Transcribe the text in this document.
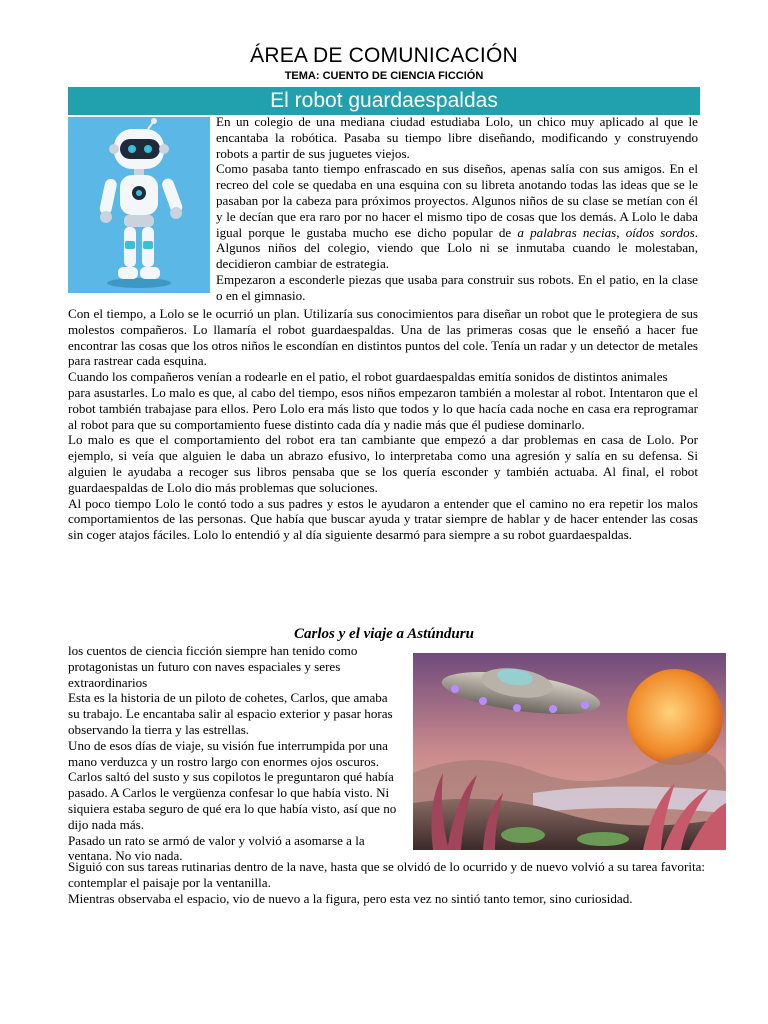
ÁREA DE COMUNICACIÓN
TEMA: CUENTO DE CIENCIA FICCIÓN
El robot guardaespaldas

En un colegio de una mediana ciudad estudiaba Lolo, un chico muy aplicado al que le encantaba la robótica. Pasaba su tiempo libre diseñando, modificando y construyendo robots a partir de sus juguetes viejos.

Como pasaba tanto tiempo enfrascado en sus diseños, apenas salía con sus amigos. En el recreo del cole se quedaba en una esquina con su libreta anotando todas las ideas que se le pasaban por la cabeza para próximos proyectos. Algunos niños de su clase se metían con él y le decían que era raro por no hacer el mismo tipo de cosas que los demás. A Lolo le daba igual porque le gustaba mucho ese dicho popular de a palabras necias, oídos sordos. Algunos niños del colegio, viendo que Lolo ni se inmutaba cuando le molestaban, decidieron cambiar de estrategia.

Empezaron a esconderle piezas que usaba para construir sus robots. En el patio, en la clase o en el gimnasio.

Con el tiempo, a Lolo se le ocurrió un plan. Utilizaría sus conocimientos para diseñar un robot que le protegiera de sus molestos compañeros. Lo llamaría el robot guardaespaldas. Una de las primeras cosas que le enseñó a hacer fue encontrar las cosas que los otros niños le escondían en distintos puntos del cole. Tenía un radar y un detector de metales para rastrear cada esquina.

Cuando los compañeros venían a rodearle en el patio, el robot guardaespaldas emitía sonidos de distintos animales

para asustarles. Lo malo es que, al cabo del tiempo, esos niños empezaron también a molestar al robot. Intentaron que el robot también trabajase para ellos. Pero Lolo era más listo que todos y lo que hacía cada noche en casa era reprogramar al robot para que su comportamiento fuese distinto cada día y nadie más que él pudiese dominarlo.

Lo malo es que el comportamiento del robot era tan cambiante que empezó a dar problemas en casa de Lolo. Por ejemplo, si veía que alguien le daba un abrazo efusivo, lo interpretaba como una agresión y salía en su defensa. Si alguien le ayudaba a recoger sus libros pensaba que se los quería esconder y también actuaba. Al final, el robot guardaespaldas de Lolo dio más problemas que soluciones.

Al poco tiempo Lolo le contó todo a sus padres y estos le ayudaron a entender que el camino no era repetir los malos comportamientos de las personas. Que había que buscar ayuda y tratar siempre de hablar y de hacer entender las cosas sin coger atajos fáciles. Lolo lo entendió y al día siguiente desarmó para siempre a su robot guardaespaldas.

Carlos y el viaje a Astúnduru

los cuentos de ciencia ficción siempre han tenido como protagonistas un futuro con naves espaciales y seres extraordinarios

Esta es la historia de un piloto de cohetes, Carlos, que amaba su trabajo. Le encantaba salir al espacio exterior y pasar horas observando la tierra y las estrellas.

Uno de esos días de viaje, su visión fue interrumpida por una mano verduzca y un rostro largo con enormes ojos oscuros. Carlos saltó del susto y sus copilotos le preguntaron qué había pasado. A Carlos le vergüenza confesar lo que había visto. Ni siquiera estaba seguro de qué era lo que había visto, así que no dijo nada más.

Pasado un rato se armó de valor y volvió a asomarse a la ventana. No vio nada.

Siguió con sus tareas rutinarias dentro de la nave, hasta que se olvidó de lo ocurrido y de nuevo volvió a su tarea favorita: contemplar el paisaje por la ventanilla.

Mientras observaba el espacio, vio de nuevo a la figura, pero esta vez no sintió tanto temor, sino curiosidad.
